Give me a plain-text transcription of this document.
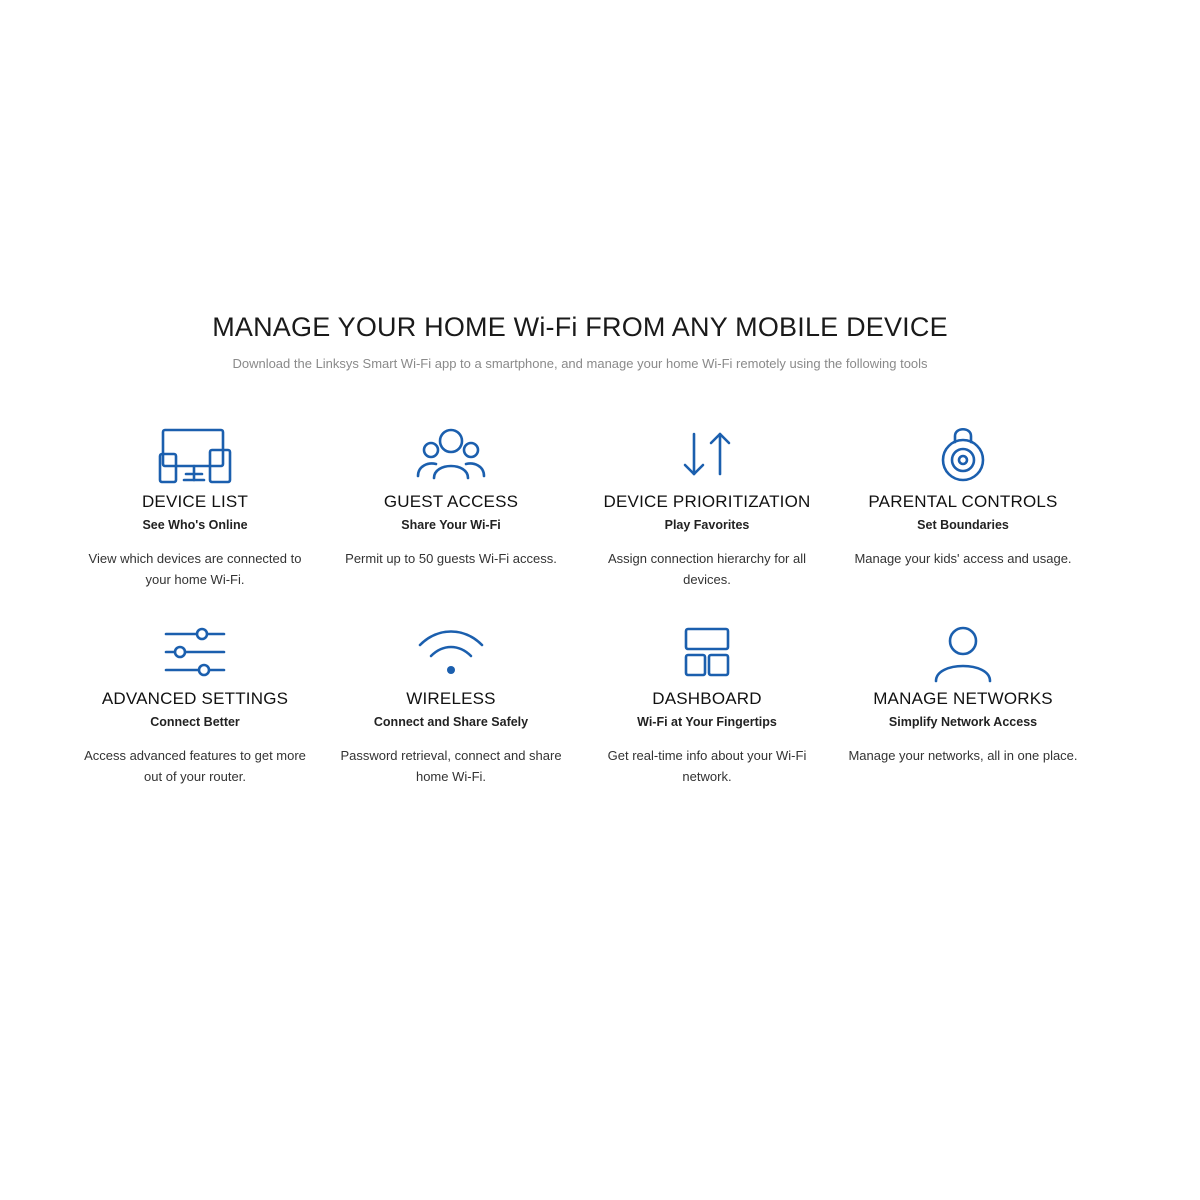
MANAGE YOUR HOME Wi-Fi FROM ANY MOBILE DEVICE
Download the Linksys Smart Wi-Fi app to a smartphone, and manage your home Wi-Fi remotely using the following tools
DEVICE LIST
See Who's Online
View which devices are connected to your home Wi-Fi.
GUEST ACCESS
Share Your Wi-Fi
Permit up to 50 guests Wi-Fi access.
DEVICE PRIORITIZATION
Play Favorites
Assign connection hierarchy for all devices.
PARENTAL CONTROLS
Set Boundaries
Manage your kids' access and usage.
ADVANCED SETTINGS
Connect Better
Access advanced features to get more out of your router.
WIRELESS
Connect and Share Safely
Password retrieval, connect and share home Wi-Fi.
DASHBOARD
Wi-Fi at Your Fingertips
Get real-time info about your Wi-Fi network.
MANAGE NETWORKS
Simplify Network Access
Manage your networks, all in one place.
